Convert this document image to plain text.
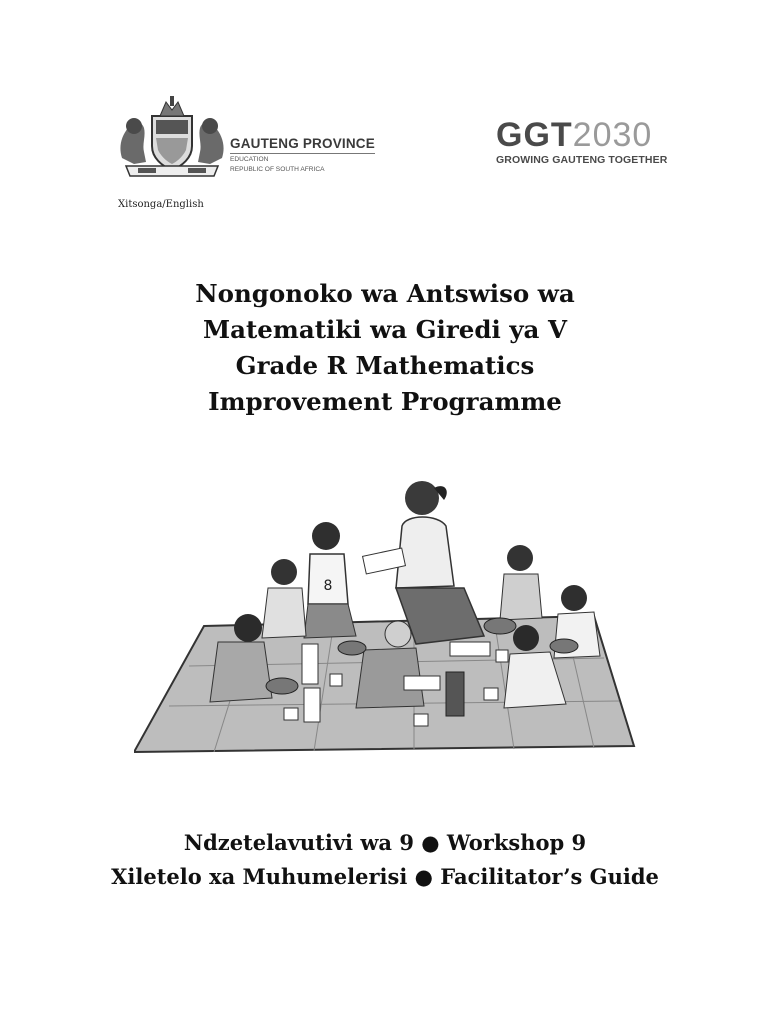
GAUTENG PROVINCE
EDUCATION
REPUBLIC OF SOUTH AFRICA
GGT2030
GROWING GAUTENG TOGETHER
Xitsonga/English
Nongonoko wa Antswiso wa
Matematiki wa Giredi ya V
Grade R Mathematics
Improvement Programme
8
Ndzetelavutivi wa 9 ● Workshop 9
Xiletelo xa Muhumelerisi ● Facilitator’s Guide
